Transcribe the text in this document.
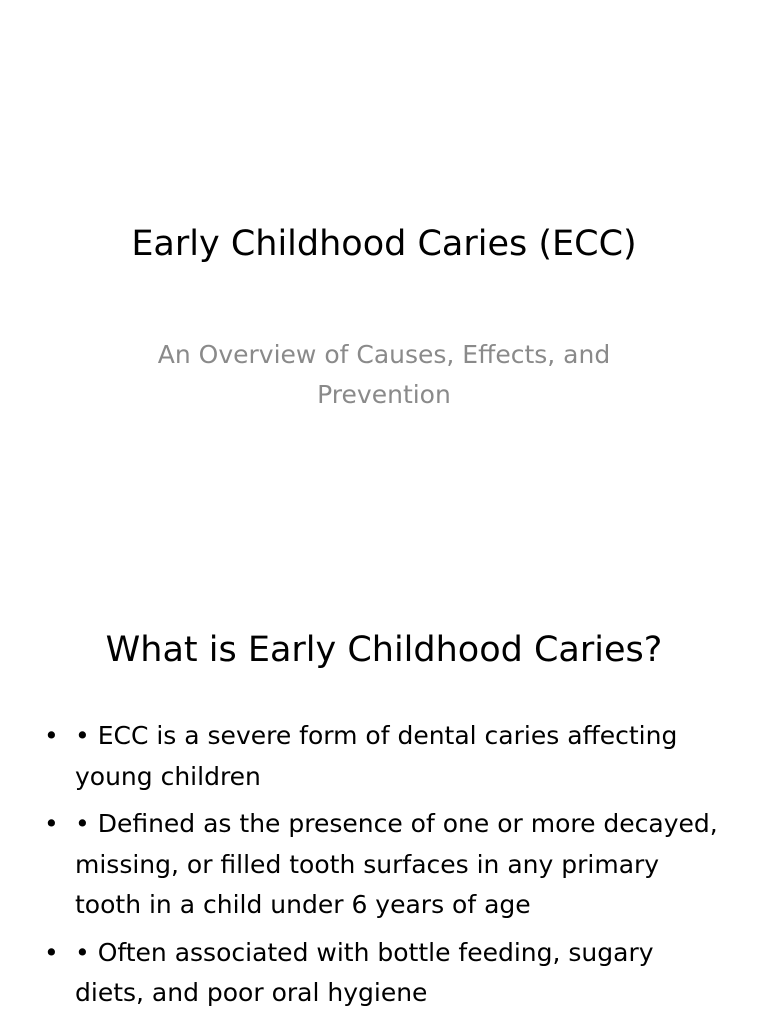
Early Childhood Caries (ECC)
An Overview of Causes, Effects, and Prevention
What is Early Childhood Caries?
• • ECC is a severe form of dental caries affecting young children
• • Defined as the presence of one or more decayed, missing, or filled tooth surfaces in any primary tooth in a child under 6 years of age
• • Often associated with bottle feeding, sugary diets, and poor oral hygiene
